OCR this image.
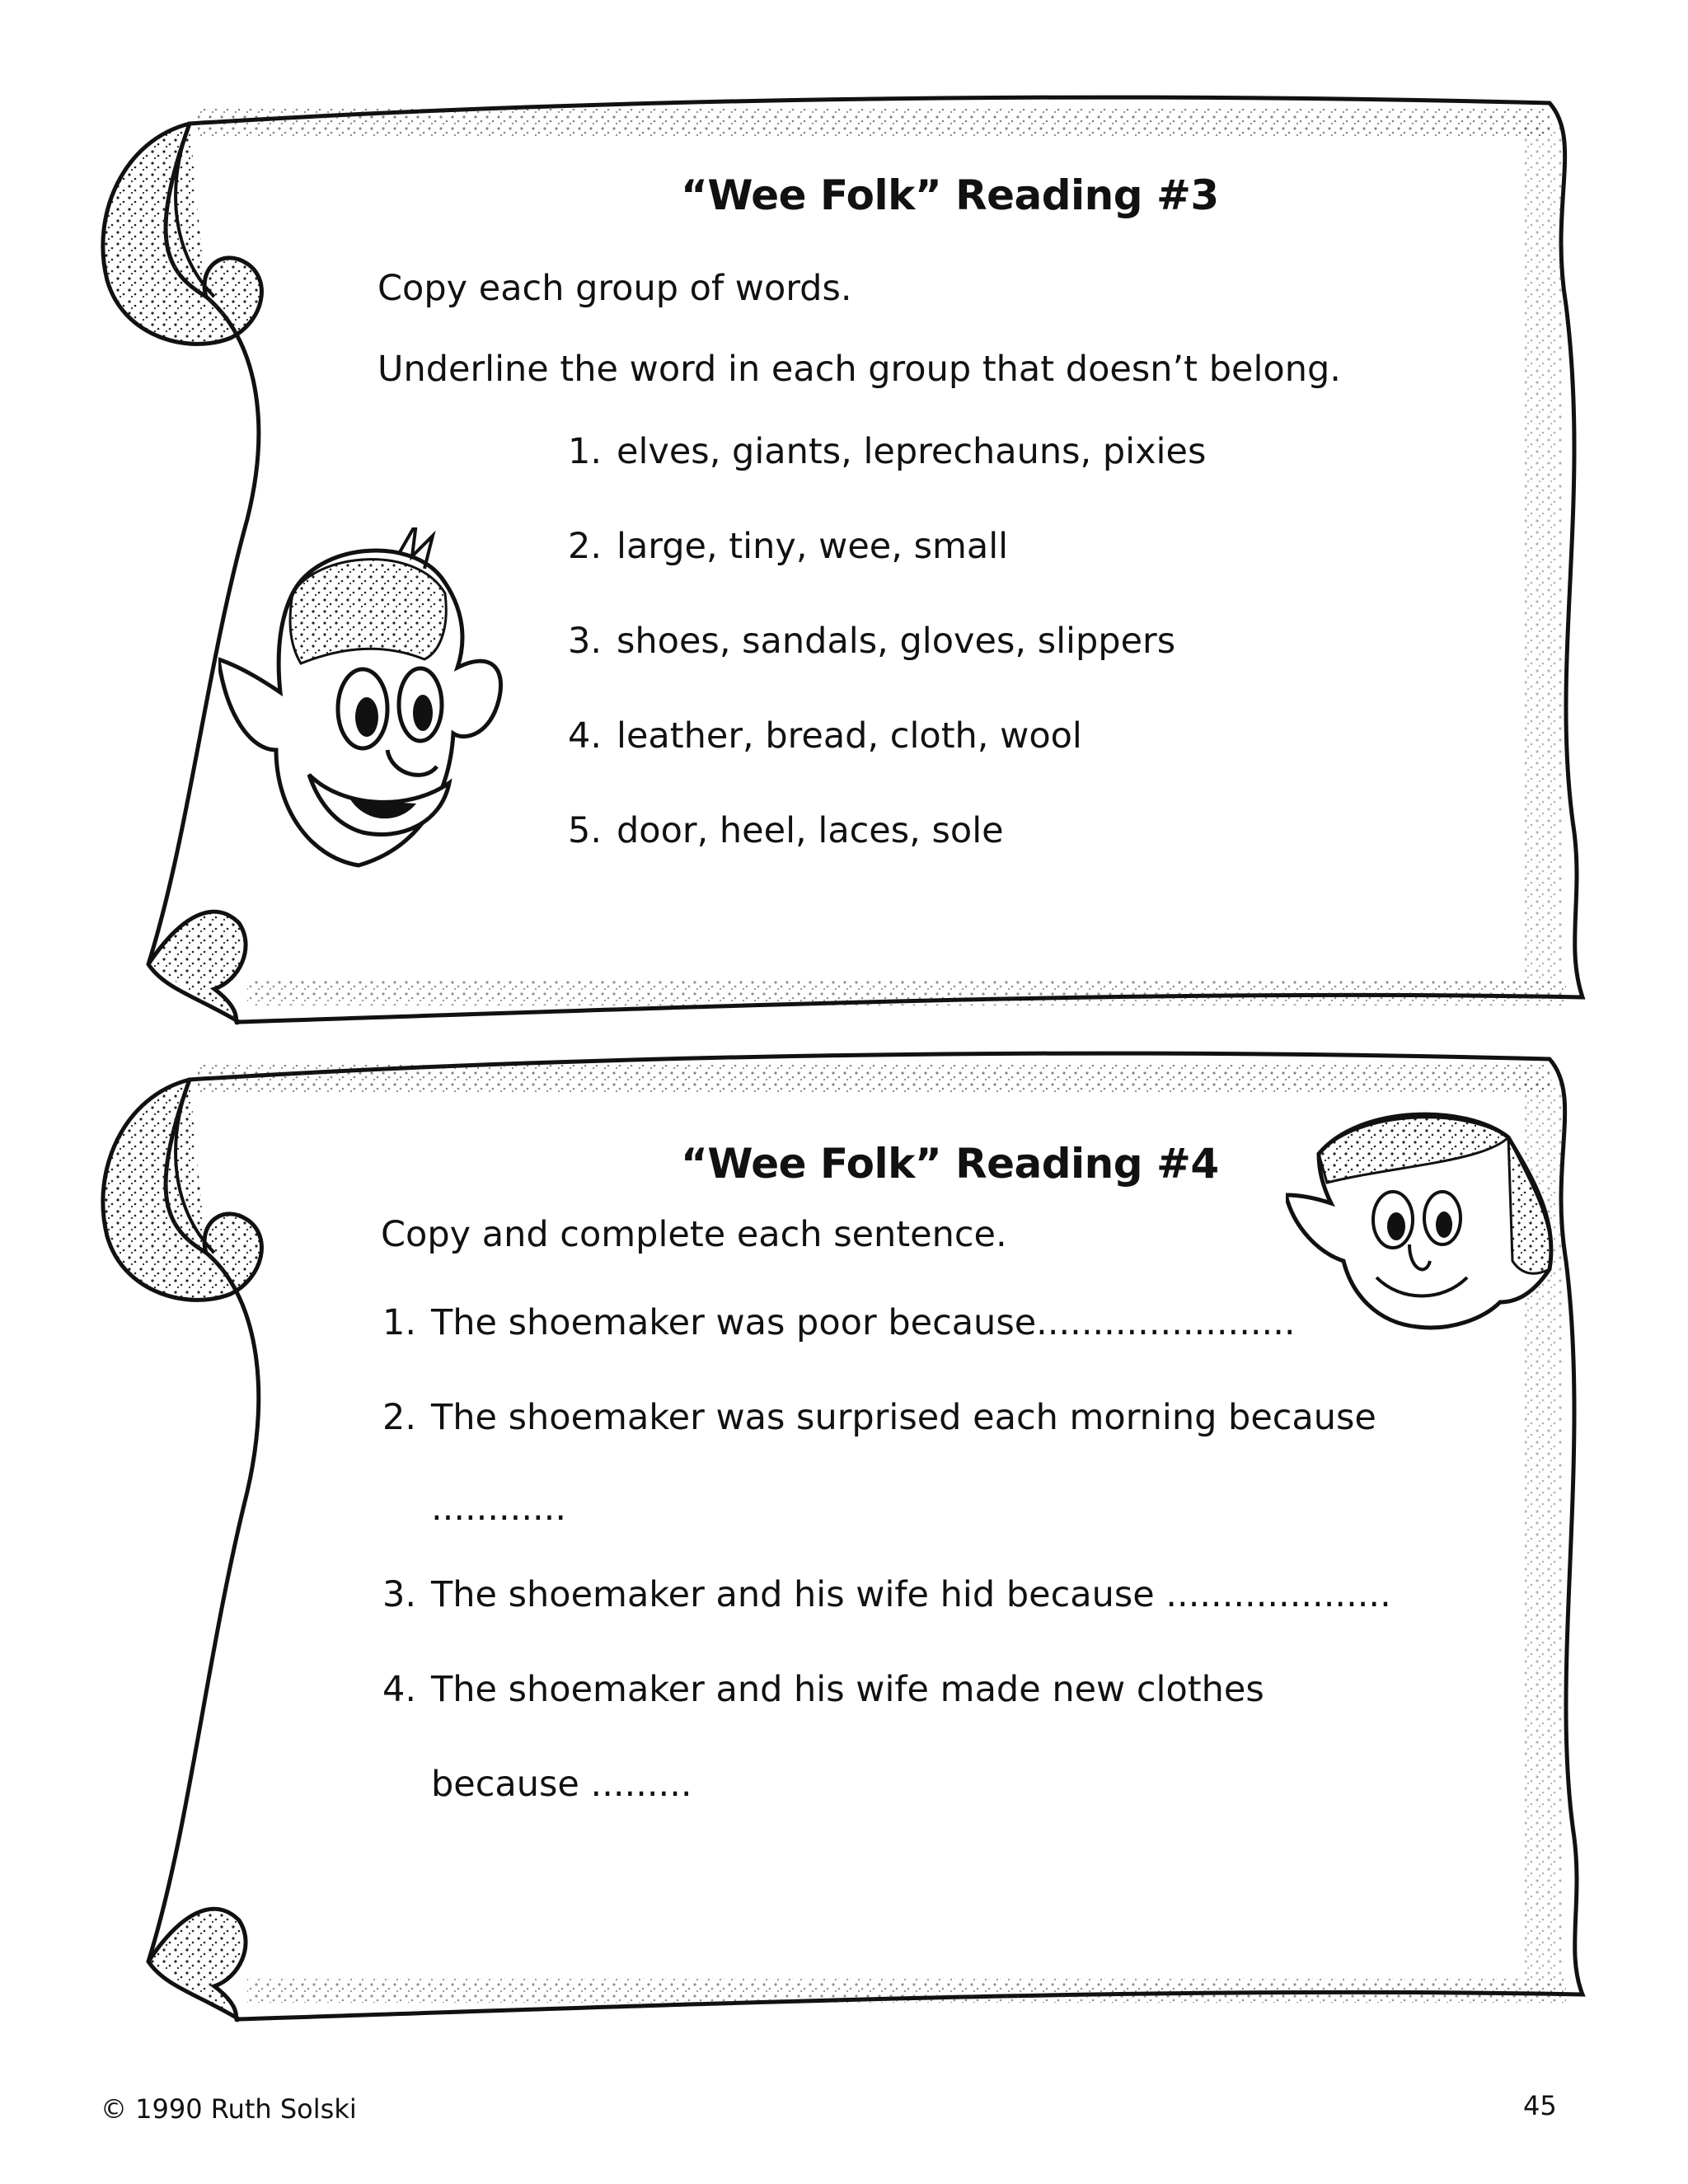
“Wee Folk” Reading #3
Copy each group of words.
Underline the word in each group that doesn’t belong.
1. elves, giants, leprechauns, pixies
2. large, tiny, wee, small
3. shoes, sandals, gloves, slippers
4. leather, bread, cloth, wool
5. door, heel, laces, sole
“Wee Folk” Reading #4
Copy and complete each sentence.
1. The shoemaker was poor because.......................
2. The shoemaker was surprised each morning because
............
3. The shoemaker and his wife hid because ....................
4. The shoemaker and his wife made new clothes
because .........
© 1990 Ruth Solski	45
